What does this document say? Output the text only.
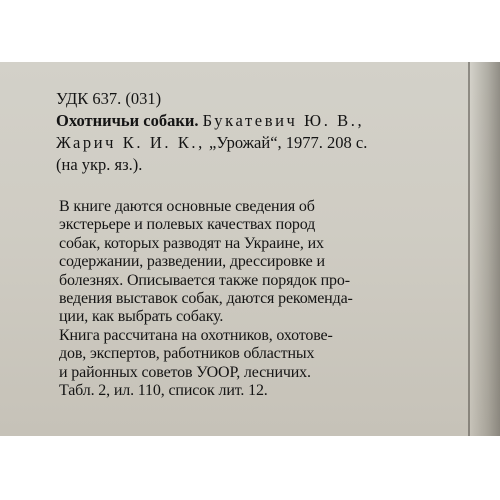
УДК 637. (031)
Охотничьи собаки. Букатевич Ю. В.,
Жарич К. И. К., „Урожай“, 1977. 208 с.
(на укр. яз.).
В книге даются основные сведения об
экстерьере и полевых качествах пород
собак, которых разводят на Украине, их
содержании, разведении, дрессировке и
болезнях. Описывается также порядок про-
ведения выставок собак, даются рекоменда-
ции, как выбрать собаку.
Книга рассчитана на охотников, охотове-
дов, экспертов, работников областных
и районных советов УООР, лесничих.
Табл. 2, ил. 110, список лит. 12.
